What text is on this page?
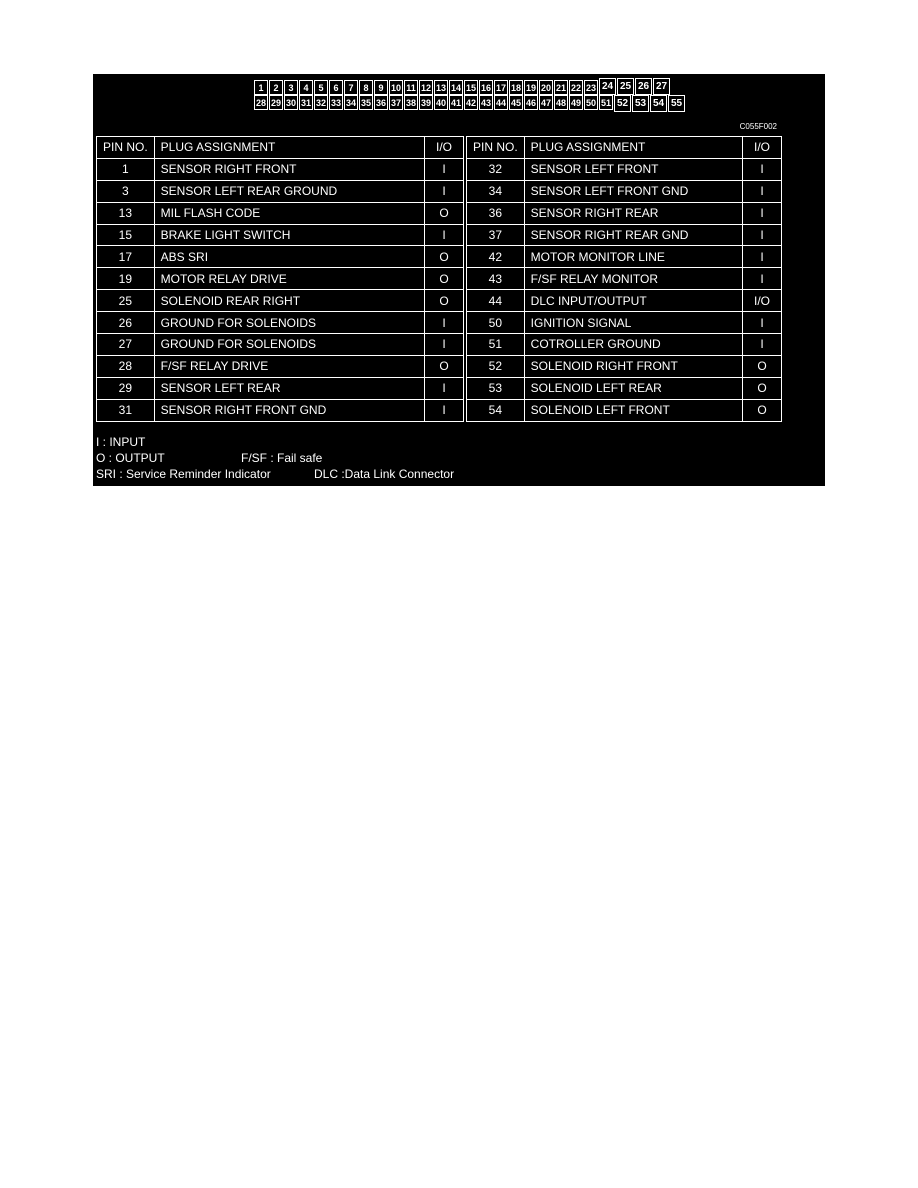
1	2	3	4	5	6	7	8	9 10 11 12 13 14 15 16 17 18 19 20 21 22 23 24 25 26 27
28 29 30 31 32 33 34 35 36 37 38 39 40 41 42 43 44 45 46 47 48 49 50 51 52 53 54 55
C055F002
PIN NO.	PLUG ASSIGNMENT	I/O
1	SENSOR RIGHT FRONT	I
3	SENSOR LEFT REAR GROUND	I
13	MIL FLASH CODE	O
15	BRAKE LIGHT SWITCH	I
17	ABS SRI	O
19	MOTOR RELAY DRIVE	O
25	SOLENOID REAR RIGHT	O
26	GROUND FOR SOLENOIDS	I
27	GROUND FOR SOLENOIDS	I
28	F/SF RELAY DRIVE	O
29	SENSOR LEFT REAR	I
31	SENSOR RIGHT FRONT GND	I
PIN NO.	PLUG ASSIGNMENT	I/O
32	SENSOR LEFT FRONT	I
34	SENSOR LEFT FRONT GND	I
36	SENSOR RIGHT REAR	I
37	SENSOR RIGHT REAR GND	I
42	MOTOR MONITOR LINE	I
43	F/SF RELAY MONITOR	I
44	DLC INPUT/OUTPUT	I/O
50	IGNITION SIGNAL	I
51	COTROLLER GROUND	I
52	SOLENOID RIGHT FRONT	O
53	SOLENOID LEFT REAR	O
54	SOLENOID LEFT FRONT	O
I : INPUT
O : OUTPUT	F/SF : Fail safe
SRI : Service Reminder Indicator	DLC :Data Link Connector
